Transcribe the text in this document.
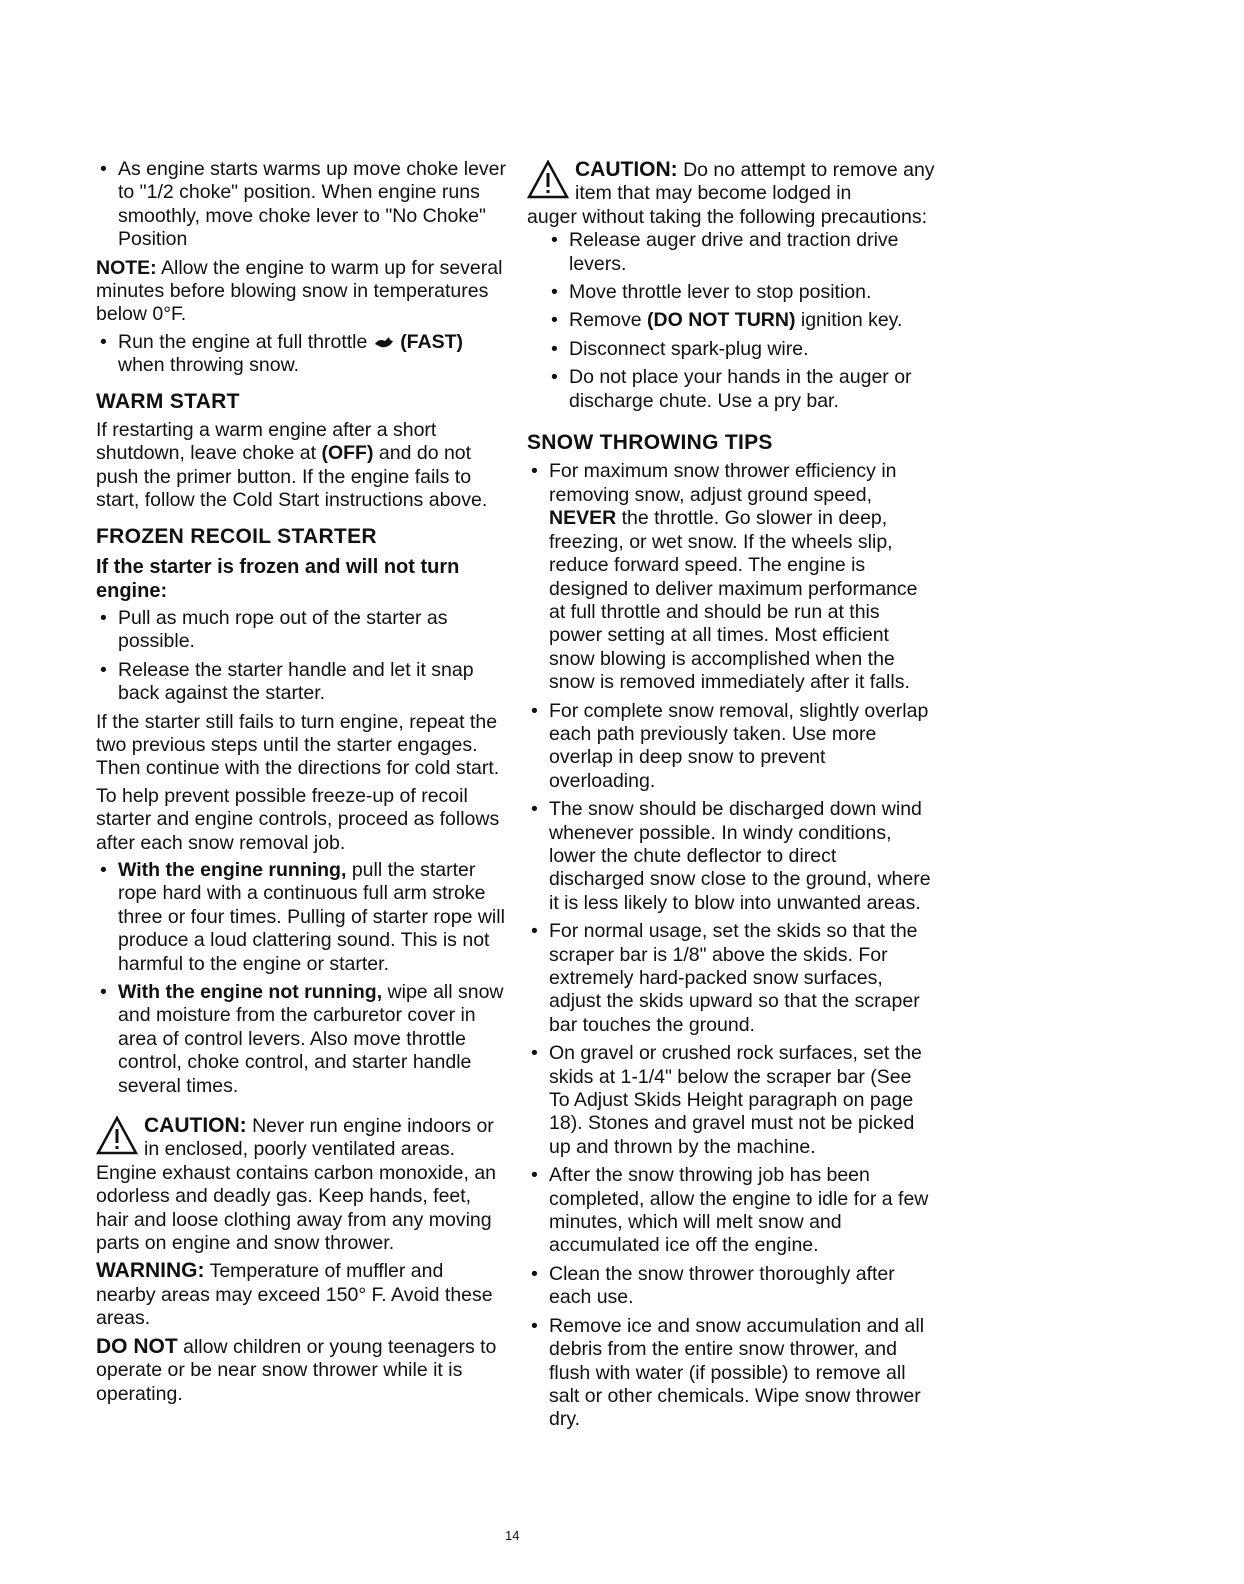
• As engine starts warms up move choke lever to "1/2 choke" position. When engine runs smoothly, move choke lever to "No Choke" Position

NOTE: Allow the engine to warm up for several minutes before blowing snow in temperatures below 0°F.

• Run the engine at full throttle (FAST) when throwing snow.
WARM START

If restarting a warm engine after a short shutdown, leave choke at (OFF) and do not push the primer button. If the engine fails to start, follow the Cold Start instructions above.

FROZEN RECOIL STARTER
If the starter is frozen and will not turn engine:
• Pull as much rope out of the starter as possible.
• Release the starter handle and let it snap back against the starter.

If the starter still fails to turn engine, repeat the two previous steps until the starter engages. Then continue with the directions for cold start.

To help prevent possible freeze-up of recoil starter and engine controls, proceed as follows after each snow removal job.

• With the engine running, pull the starter rope hard with a continuous full arm stroke three or four times. Pulling of starter rope will produce a loud clattering sound. This is not harmful to the engine or starter.
• With the engine not running, wipe all snow and moisture from the carburetor cover in area of control levers. Also move throttle control, choke control, and starter handle several times.
CAUTION: Never run engine indoors or in enclosed, poorly ventilated areas.
Engine exhaust contains carbon monoxide, an odorless and deadly gas. Keep hands, feet, hair and loose clothing away from any moving parts on engine and snow thrower.

WARNING: Temperature of muffler and nearby areas may exceed 150° F. Avoid these areas.

DO NOT allow children or young teenagers to operate or be near snow thrower while it is operating.

CAUTION: Do no attempt to remove any item that may become lodged in
auger without taking the following precautions:
• Release auger drive and traction drive levers.
• Move throttle lever to stop position.
• Remove (DO NOT TURN) ignition key.
• Disconnect spark-plug wire.
• Do not place your hands in the auger or discharge chute. Use a pry bar.
SNOW THROWING TIPS
• For maximum snow thrower efficiency in removing snow, adjust ground speed, NEVER the throttle. Go slower in deep, freezing, or wet snow. If the wheels slip, reduce forward speed. The engine is designed to deliver maximum performance at full throttle and should be run at this power setting at all times. Most efficient snow blowing is accomplished when the snow is removed immediately after it falls.
• For complete snow removal, slightly overlap each path previously taken. Use more overlap in deep snow to prevent overloading.
• The snow should be discharged down wind whenever possible. In windy conditions, lower the chute deflector to direct discharged snow close to the ground, where it is less likely to blow into unwanted areas.
• For normal usage, set the skids so that the scraper bar is 1/8" above the skids. For extremely hard-packed snow surfaces, adjust the skids upward so that the scraper bar touches the ground.
• On gravel or crushed rock surfaces, set the skids at 1-1/4" below the scraper bar (See To Adjust Skids Height paragraph on page 18). Stones and gravel must not be picked up and thrown by the machine.
• After the snow throwing job has been completed, allow the engine to idle for a few minutes, which will melt snow and accumulated ice off the engine.
• Clean the snow thrower thoroughly after each use.
• Remove ice and snow accumulation and all debris from the entire snow thrower, and flush with water (if possible) to remove all salt or other chemicals. Wipe snow thrower dry.
14
